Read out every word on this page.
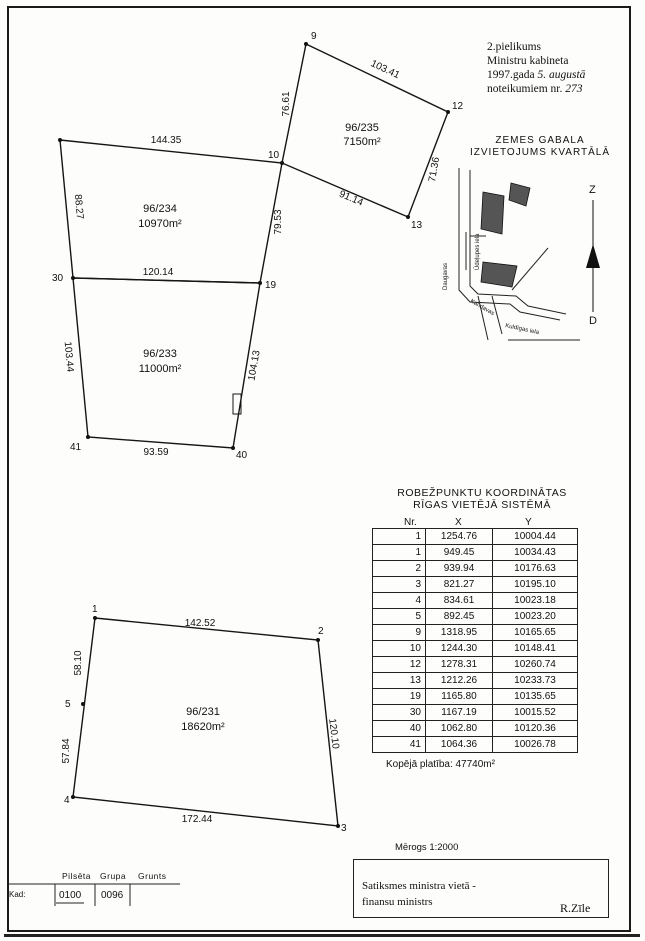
96/235
7150m²
96/234
10970m²
96/233
11000m²
96/231
18620m²
9
12
10
13
30
19
41
40
1
2
5
4
3
103.41
76.61
144.35
71.36
91.14
88.27
79.53
120.14
103.44	104.13
93.59
142.52
58.10
120.10
57.84
172.44
Daugavas
Ūdeļupes iela
Kandavas
Kuldīgas iela
Z
D
2.pielikums
Ministru kabineta
1997.gada 5. augustā
noteikumiem nr. 273
ZEMES GABALA
IZVIETOJUMS KVARTĀLĀ
ROBEŽPUNKTU KOORDINĀTAS
RĪGAS VIETĒJĀ SISTĒMĀ
Nr.	X	Y
1	1254.76	10004.44
1	949.45	10034.43
2	939.94	10176.63
3	821.27	10195.10
4	834.61	10023.18
5	892.45	10023.20
9	1318.95	10165.65
10	1244.30	10148.41
12	1278.31	10260.74
13	1212.26	10233.73
19	1165.80	10135.65
30	1167.19	10015.52
40	1062.80	10120.36
41	1064.36	10026.78
Kopējā platība: 47740m²
Mērogs 1:2000
Satiksmes ministra vietā -
finansu ministrs	R.Zīle
Pilsēta Grupa Grunts
Kad:	0100 0096
